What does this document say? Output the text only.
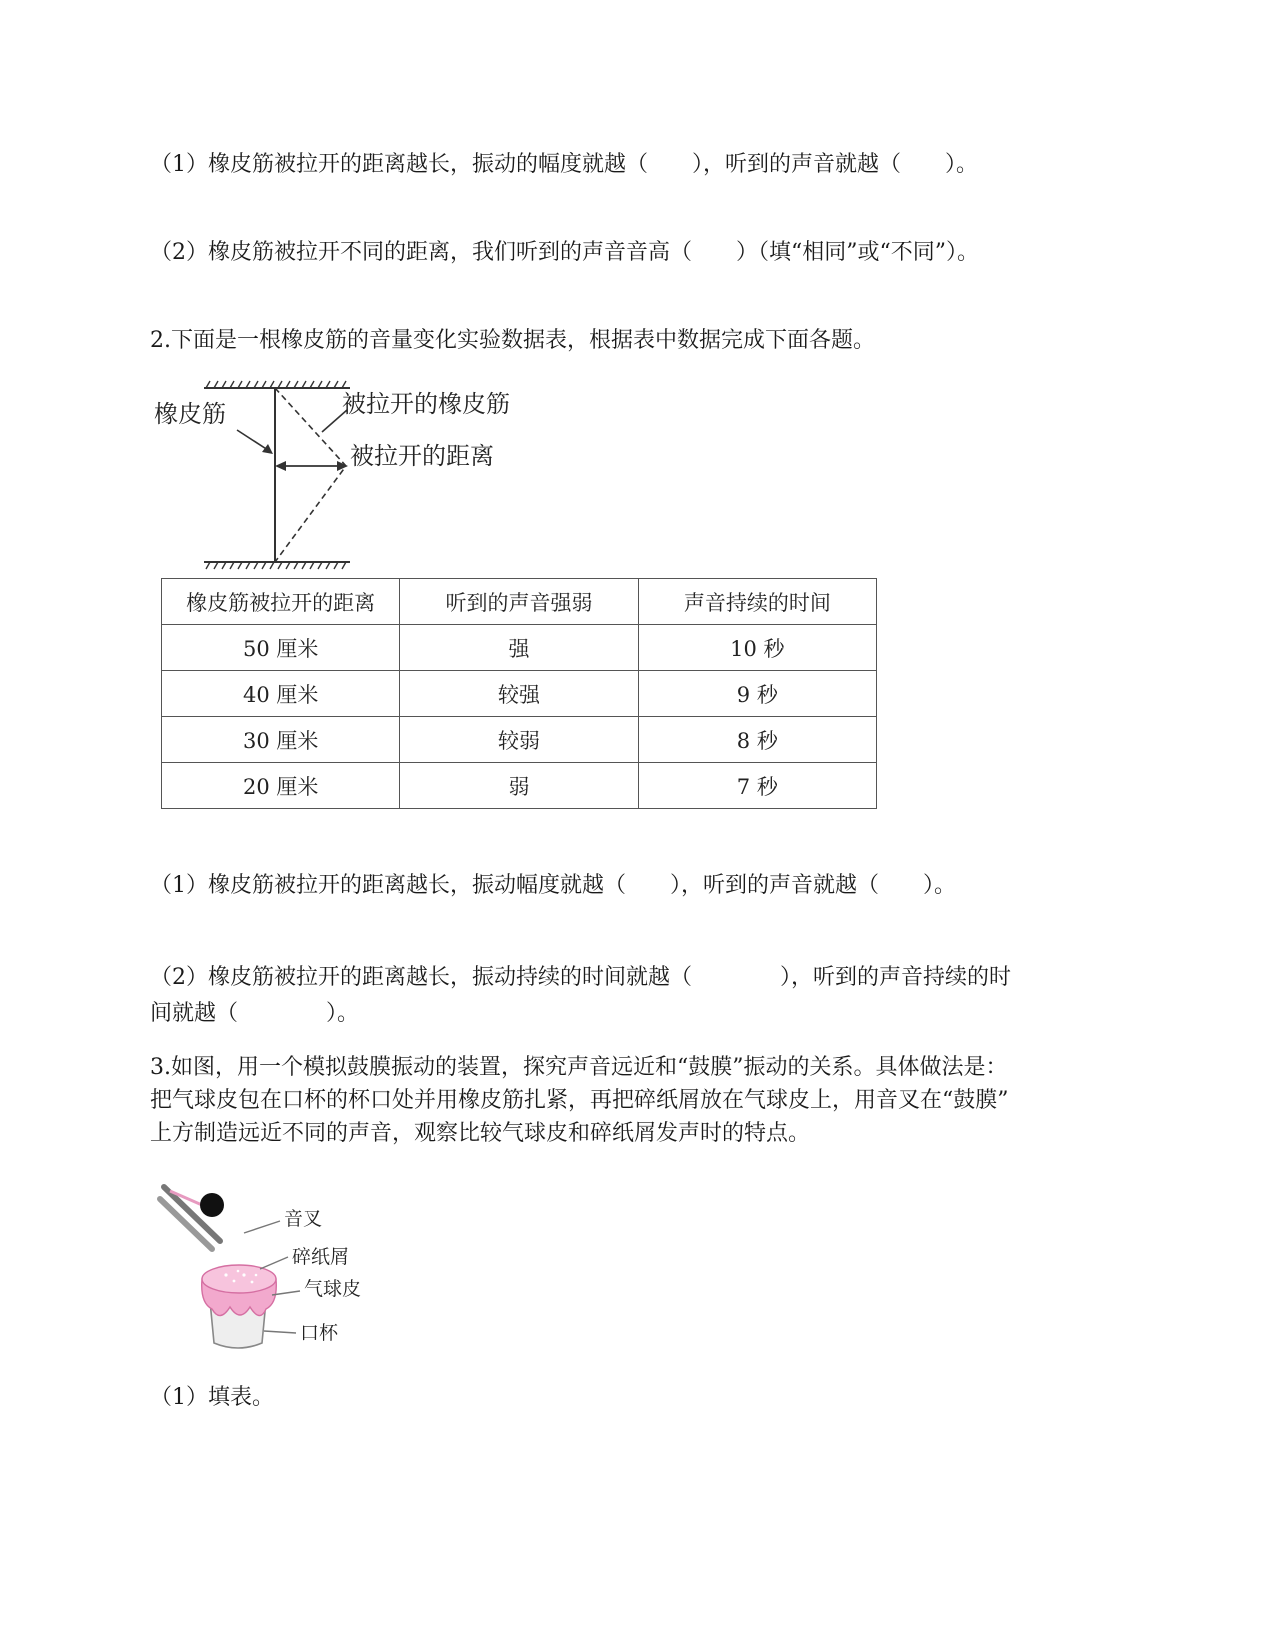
（1）橡皮筋被拉开的距离越长，振动的幅度就越（　　），听到的声音就越（　　）。

（2）橡皮筋被拉开不同的距离，我们听到的声音音高（　　）（填“相同”或“不同”）。

2.下面是一根橡皮筋的音量变化实验数据表，根据表中数据完成下面各题。

橡皮筋	被拉开的橡皮筋
被拉开的距离
橡皮筋被拉开的距离	听到的声音强弱	声音持续的时间
50 厘米	强	10 秒
40 厘米	较强	9 秒
30 厘米	较弱	8 秒
20 厘米	弱	7 秒

（1）橡皮筋被拉开的距离越长，振动幅度就越（　　），听到的声音就越（　　）。

（2）橡皮筋被拉开的距离越长，振动持续的时间就越（　　　　），听到的声音持续的时

间就越（　　　　）。

3.如图，用一个模拟鼓膜振动的装置，探究声音远近和“鼓膜”振动的关系。具体做法是：

把气球皮包在口杯的杯口处并用橡皮筋扎紧，再把碎纸屑放在气球皮上，用音叉在“鼓膜”

上方制造远近不同的声音，观察比较气球皮和碎纸屑发声时的特点。

音叉
碎纸屑
气球皮
口杯

（1）填表。
